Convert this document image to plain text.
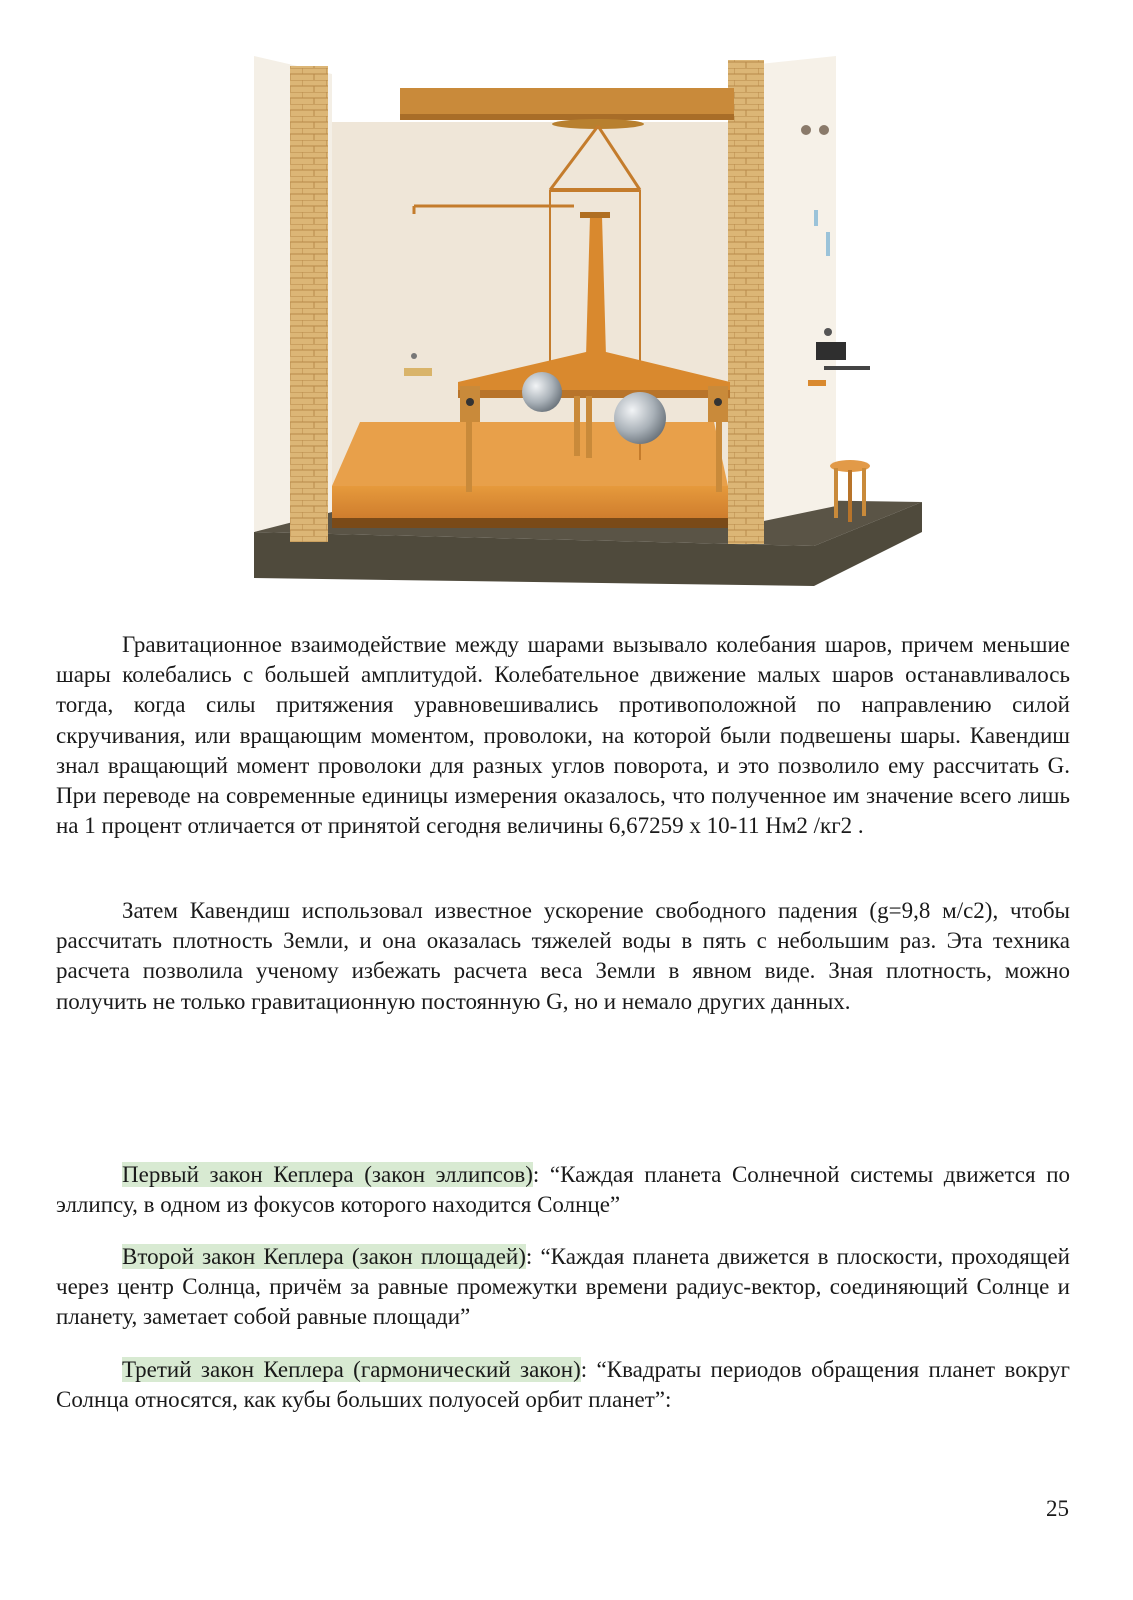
Гравитационное взаимодействие между шарами вызывало колебания шаров, причем меньшие шары колебались с большей амплитудой. Колебательное движение малых шаров останавливалось тогда, когда силы притяжения уравновешивались противоположной по направлению силой скручивания, или вращающим моментом, проволоки, на которой были подвешены шары. Кавендиш знал вращающий момент проволоки для разных углов поворота, и это позволило ему рассчитать G. При переводе на современные единицы измерения оказалось, что полученное им значение всего лишь на 1 процент отличается от принятой сегодня величины 6,67259 х 10-11 Нм2 /кг2 .

Затем Кавендиш использовал известное ускорение свободного падения (g=9,8 м/с2), чтобы рассчитать плотность Земли, и она оказалась тяжелей воды в пять с небольшим раз. Эта техника расчета позволила ученому избежать расчета веса Земли в явном виде. Зная плотность, можно получить не только гравитационную постоянную G, но и немало других данных.

Первый закон Кеплера (закон эллипсов): “Каждая планета Солнечной системы движется по эллипсу, в одном из фокусов которого находится Солнце”

Второй закон Кеплера (закон площадей): “Каждая планета движется в плоскости, проходящей через центр Солнца, причём за равные промежутки времени радиус-вектор, соединяющий Солнце и планету, заметает собой равные площади”

Третий закон Кеплера (гармонический закон): “Квадраты периодов обращения планет вокруг Солнца относятся, как кубы больших полуосей орбит планет”:

25
